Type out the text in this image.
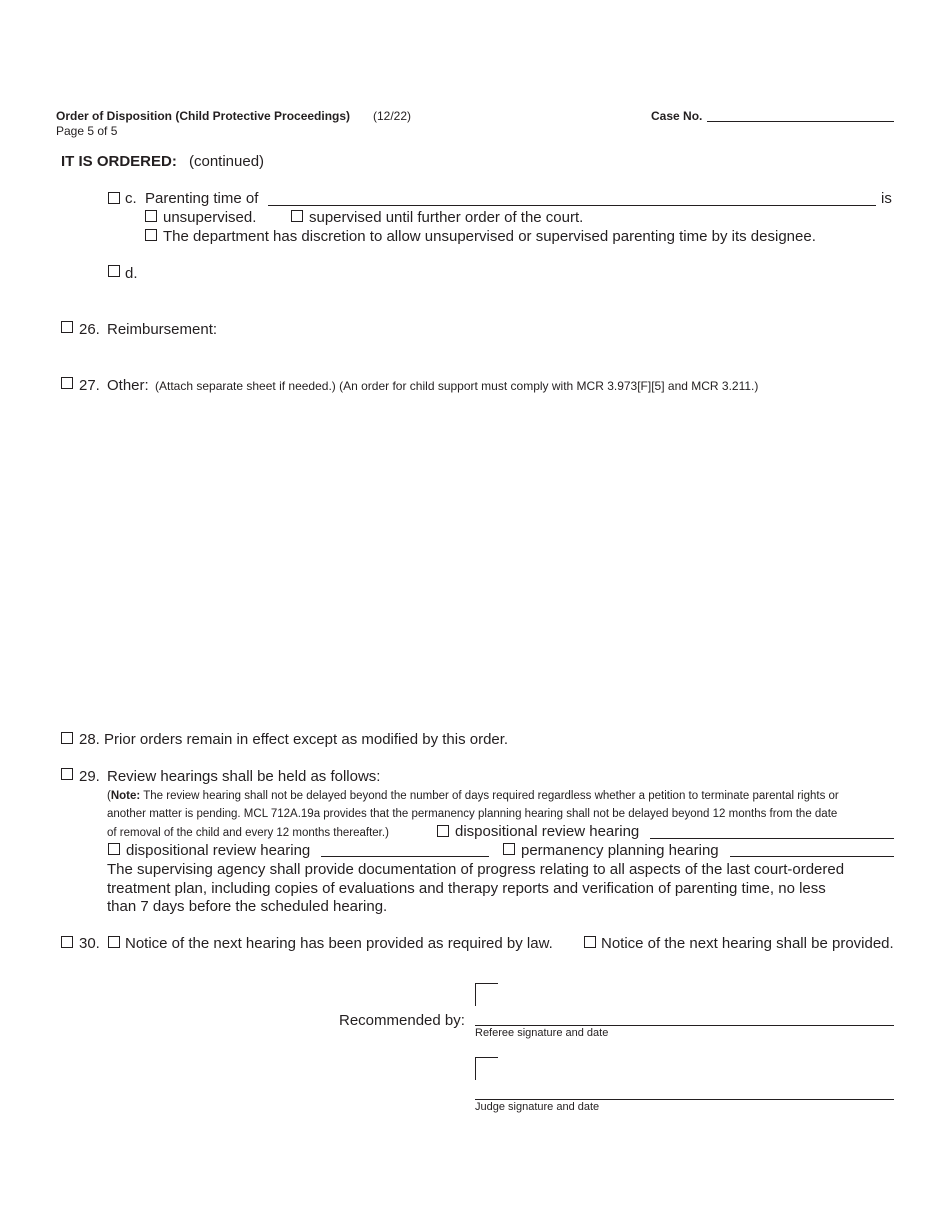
Order of Disposition (Child Protective Proceedings) (12/22)
Page 5 of 5
Case No.
IT IS ORDERED: (continued)
c. Parenting time of	is
unsupervised.	supervised until further order of the court.
The department has discretion to allow unsupervised or supervised parenting time by its designee.
d.
26. Reimbursement:
27. Other: (Attach separate sheet if needed.) (An order for child support must comply with MCR 3.973[F][5] and MCR 3.211.)
28. Prior orders remain in effect except as modified by this order.
29. Review hearings shall be held as follows:
(Note: The review hearing shall not be delayed beyond the number of days required regardless whether a petition to terminate parental rights or
another matter is pending. MCL 712A.19a provides that the permanency planning hearing shall not be delayed beyond 12 months from the date
of removal of the child and every 12 months thereafter.)	dispositional review hearing
dispositional review hearing	permanency planning hearing
The supervising agency shall provide documentation of progress relating to all aspects of the last court-ordered
treatment plan, including copies of evaluations and therapy reports and verification of parenting time, no less
than 7 days before the scheduled hearing.
30. Notice of the next hearing has been provided as required by law.	Notice of the next hearing shall be provided.
Recommended by:
Referee signature and date
Judge signature and date
